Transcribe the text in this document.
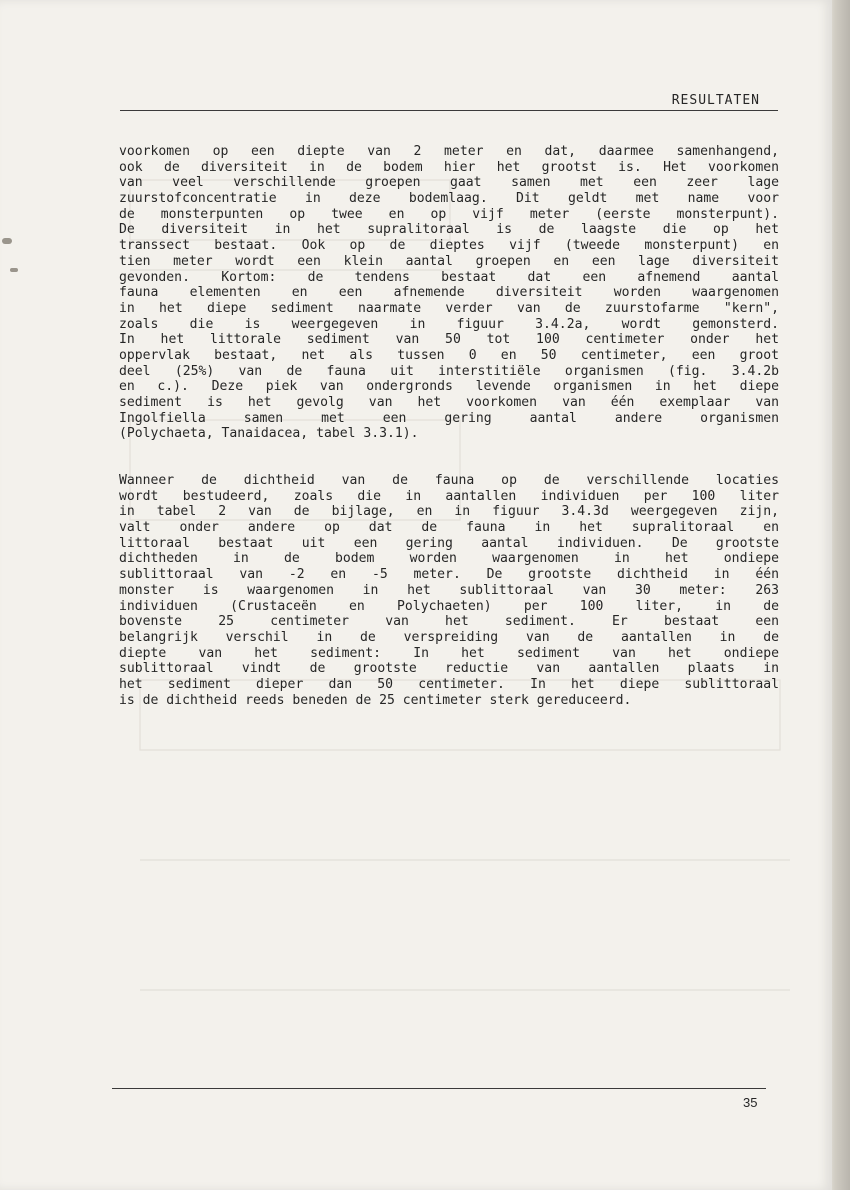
RESULTATEN
voorkomen op een diepte van 2 meter en dat, daarmee samenhangend,
ook de diversiteit in de bodem hier het grootst is. Het voorkomen
van veel verschillende groepen gaat samen met een zeer lage
zuurstofconcentratie in deze bodemlaag. Dit geldt met name voor
de monsterpunten op twee en op vijf meter (eerste monsterpunt).
De diversiteit in het supralitoraal is de laagste die op het
transsect bestaat. Ook op de dieptes vijf (tweede monsterpunt) en
tien meter wordt een klein aantal groepen en een lage diversiteit
gevonden. Kortom: de tendens bestaat dat een afnemend aantal
fauna elementen en een afnemende diversiteit worden waargenomen
in het diepe sediment naarmate verder van de zuurstofarme "kern",
zoals die is weergegeven in figuur 3.4.2a, wordt gemonsterd.
In het littorale sediment van 50 tot 100 centimeter onder het
oppervlak bestaat, net als tussen 0 en 50 centimeter, een groot
deel (25%) van de fauna uit interstitiële organismen (fig. 3.4.2b
en c.). Deze piek van ondergronds levende organismen in het diepe
sediment is het gevolg van het voorkomen van één exemplaar van
Ingolfiella samen met een gering aantal andere organismen
(Polychaeta, Tanaidacea, tabel 3.3.1).
Wanneer de dichtheid van de fauna op de verschillende locaties
wordt bestudeerd, zoals die in aantallen individuen per 100 liter
in tabel 2 van de bijlage, en in figuur 3.4.3d weergegeven zijn,
valt onder andere op dat de fauna in het supralitoraal en
littoraal bestaat uit een gering aantal individuen. De grootste
dichtheden in de bodem worden waargenomen in het ondiepe
sublittoraal van -2 en -5 meter. De grootste dichtheid in één
monster is waargenomen in het sublittoraal van 30 meter: 263
individuen (Crustaceën en Polychaeten) per 100 liter, in de
bovenste 25 centimeter van het sediment. Er bestaat een
belangrijk verschil in de verspreiding van de aantallen in de
diepte van het sediment: In het sediment van het ondiepe
sublittoraal vindt de grootste reductie van aantallen plaats in
het sediment dieper dan 50 centimeter. In het diepe sublittoraal
is de dichtheid reeds beneden de 25 centimeter sterk gereduceerd.
35
